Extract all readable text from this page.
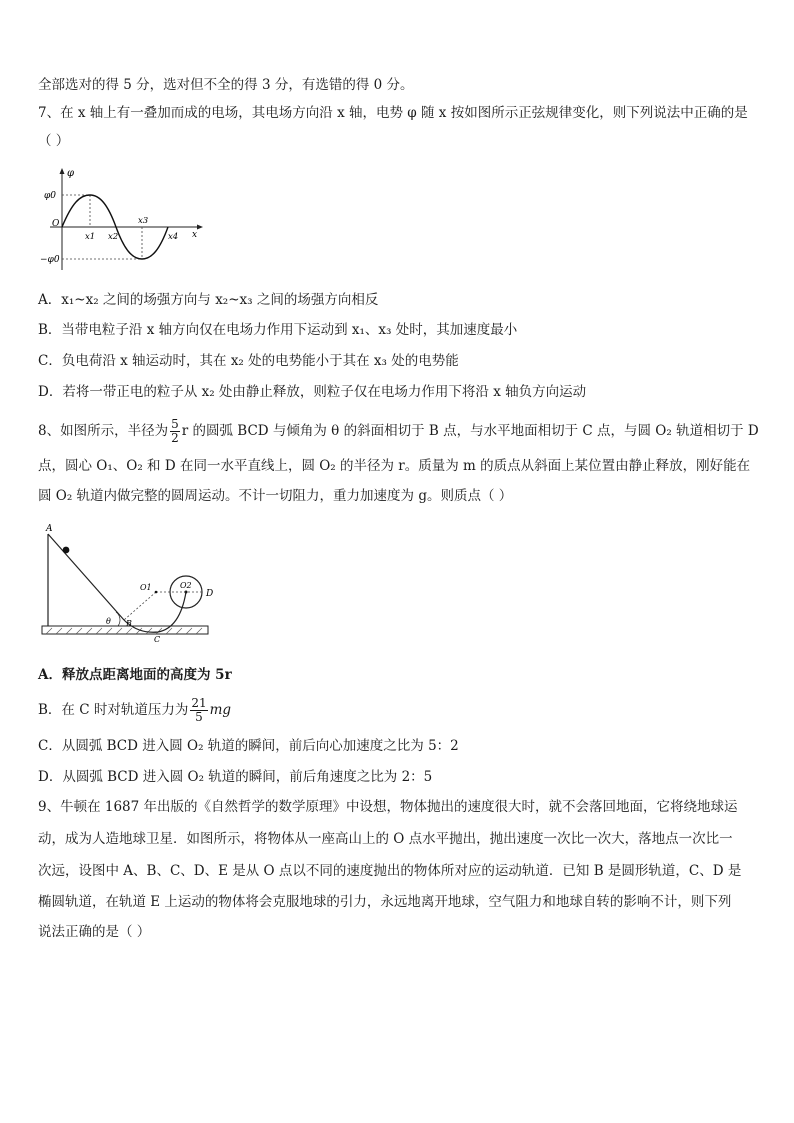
全部选对的得 5 分，选对但不全的得 3 分，有选错的得 0 分。
7、在 x 轴上有一叠加而成的电场，其电场方向沿 x 轴，电势 φ 随 x 按如图所示正弦规律变化，则下列说法中正确的是
（ ）
φ
φ0
−φ0
O
x1 x2
x3
x4 x
A．x₁~x₂ 之间的场强方向与 x₂~x₃ 之间的场强方向相反
B．当带电粒子沿 x 轴方向仅在电场力作用下运动到 x₁、x₃ 处时，其加速度最小
C．负电荷沿 x 轴运动时，其在 x₂ 处的电势能小于其在 x₃ 处的电势能
D．若将一带正电的粒子从 x₂ 处由静止释放，则粒子仅在电场力作用下将沿 x 轴负方向运动
8、如图所示，半径为 $\frac{5}{2}$ r 的圆弧 BCD 与倾角为 θ 的斜面相切于 B 点，与水平地面相切于 C 点，与圆 O₂ 轨道相切于 D
点，圆心 O₁、O₂ 和 D 在同一水平直线上，圆 O₂ 的半径为 r。质量为 m 的质点从斜面上某位置由静止释放，刚好能在
圆 O₂ 轨道内做完整的圆周运动。不计一切阻力，重力加速度为 g。则质点（ ）
A
B
C
D
O1	O2
θ
A．释放点距离地面的高度为 5r
B．在 C 时对轨道压力为 $\frac{21}{5}$ mg
C．从圆弧 BCD 进入圆 O₂ 轨道的瞬间，前后向心加速度之比为 5：2
D．从圆弧 BCD 进入圆 O₂ 轨道的瞬间，前后角速度之比为 2：5
9、牛顿在 1687 年出版的《自然哲学的数学原理》中设想，物体抛出的速度很大时，就不会落回地面，它将绕地球运
动，成为人造地球卫星．如图所示，将物体从一座高山上的 O 点水平抛出，抛出速度一次比一次大，落地点一次比一
次远，设图中 A、B、C、D、E 是从 O 点以不同的速度抛出的物体所对应的运动轨道．已知 B 是圆形轨道，C、D 是
椭圆轨道，在轨道 E 上运动的物体将会克服地球的引力，永远地离开地球，空气阻力和地球自转的影响不计，则下列
说法正确的是（ ）
